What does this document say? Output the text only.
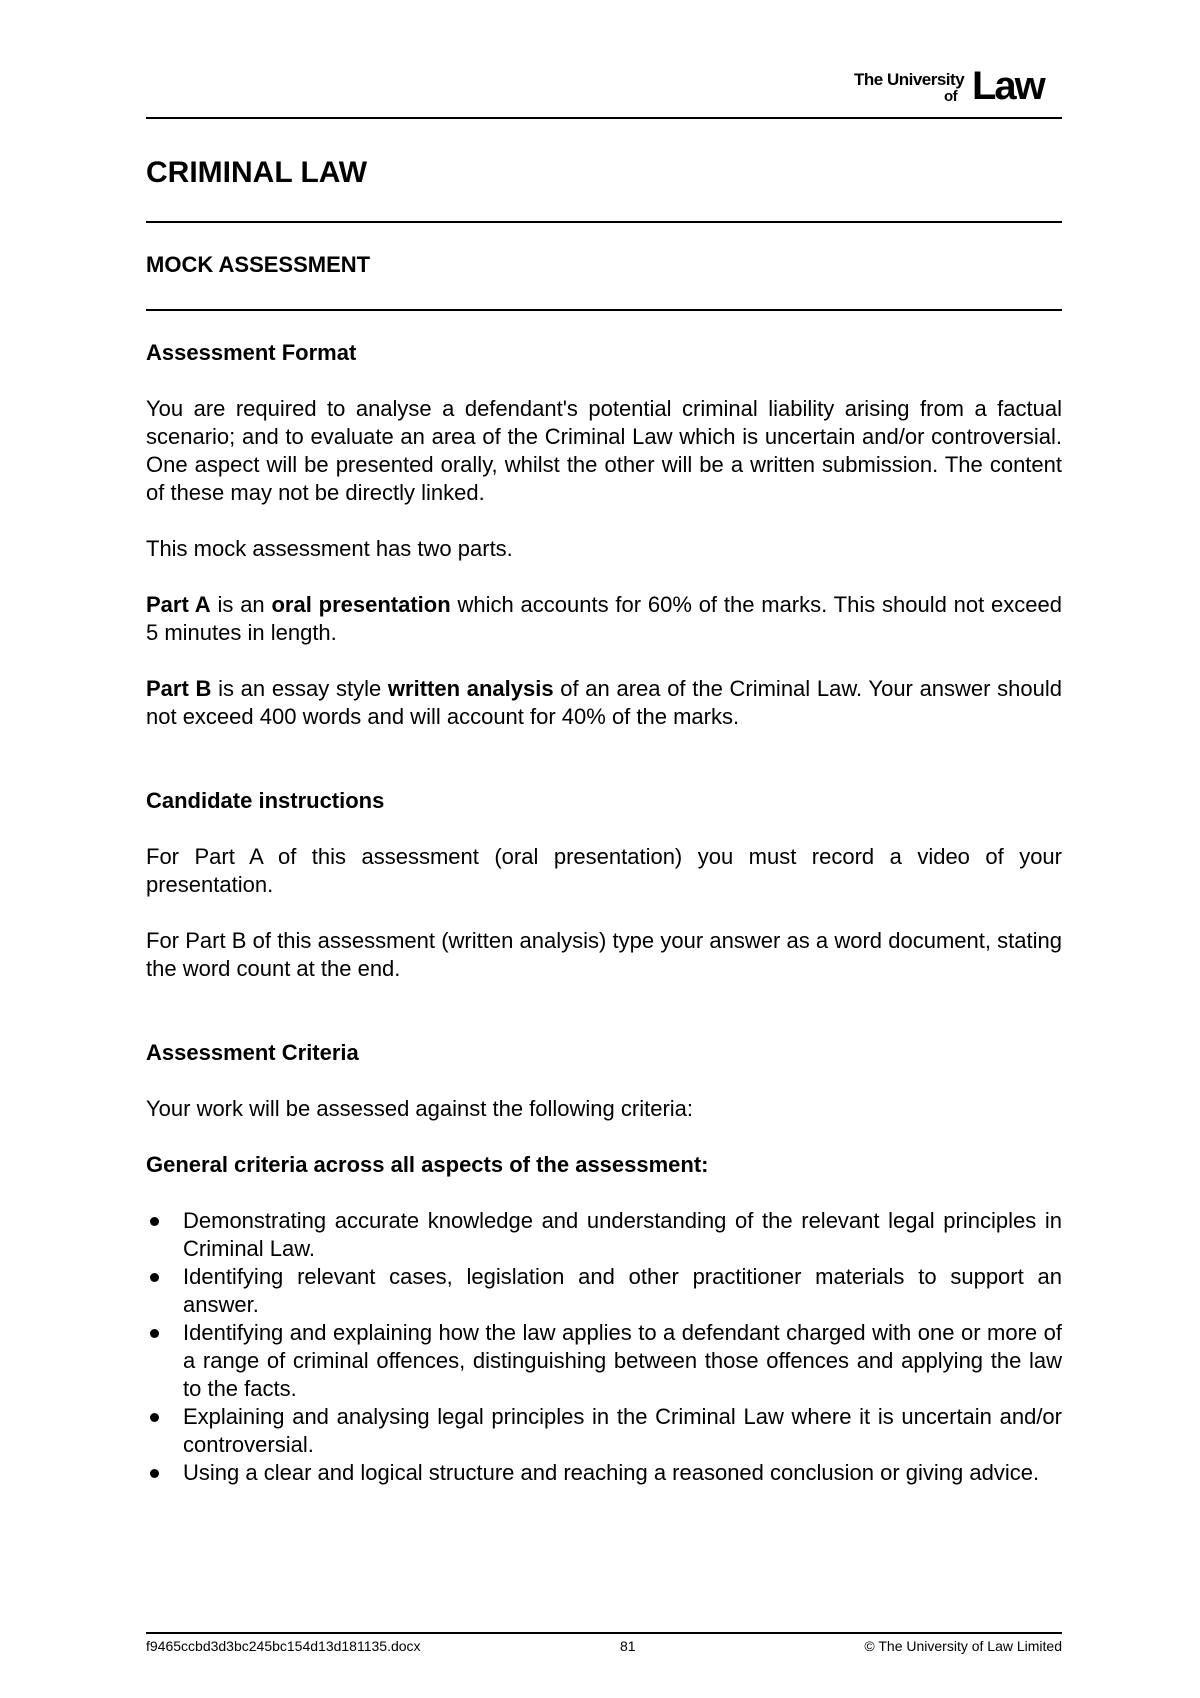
The University
of Law
CRIMINAL LAW
MOCK ASSESSMENT
Assessment Format
You are required to analyse a defendant's potential criminal liability arising from a factual scenario; and to evaluate an area of the Criminal Law which is uncertain and/or controversial. One aspect will be presented orally, whilst the other will be a written submission. The content of these may not be directly linked.
This mock assessment has two parts.
Part A is an oral presentation which accounts for 60% of the marks. This should not exceed 5 minutes in length.
Part B is an essay style written analysis of an area of the Criminal Law. Your answer should not exceed 400 words and will account for 40% of the marks.
Candidate instructions
For Part A of this assessment (oral presentation) you must record a video of your presentation.
For Part B of this assessment (written analysis) type your answer as a word document, stating the word count at the end.
Assessment Criteria
Your work will be assessed against the following criteria:
General criteria across all aspects of the assessment:
Demonstrating accurate knowledge and understanding of the relevant legal principles in Criminal Law.
Identifying relevant cases, legislation and other practitioner materials to support an answer.
Identifying and explaining how the law applies to a defendant charged with one or more of a range of criminal offences, distinguishing between those offences and applying the law to the facts.
Explaining and analysing legal principles in the Criminal Law where it is uncertain and/or controversial.
Using a clear and logical structure and reaching a reasoned conclusion or giving advice.
f9465ccbd3d3bc245bc154d13d181135.docx	81	© The University of Law Limited
